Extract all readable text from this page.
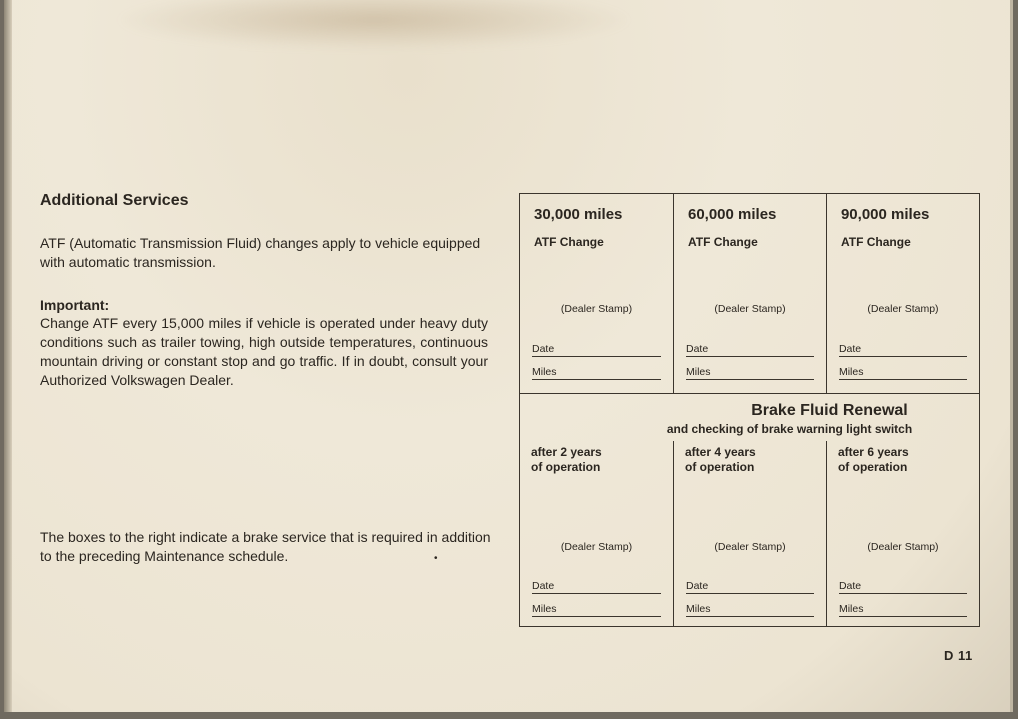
Additional Services
ATF (Automatic Transmission Fluid) changes apply to vehicle equipped with automatic transmission.
Important:
Change ATF every 15,000 miles if vehicle is operated under heavy duty conditions such as trailer towing, high outside temperatures, continuous mountain driving or constant stop and go traffic. If in doubt, consult your Authorized Volkswagen Dealer.
The boxes to the right indicate a brake service that is required in addition to the preceding Maintenance schedule.	•
30,000 miles
ATF Change
(Dealer Stamp)
Date
Miles
60,000 miles
ATF Change
(Dealer Stamp)
Date
Miles
90,000 miles
ATF Change
(Dealer Stamp)
Date
Miles
Brake Fluid Renewal
and checking of brake warning light switch
after 2 years
of operation
(Dealer Stamp)
Date
Miles
after 4 years
of operation
(Dealer Stamp)
Date
Miles
after 6 years
of operation
(Dealer Stamp)
Date
Miles
D 11
